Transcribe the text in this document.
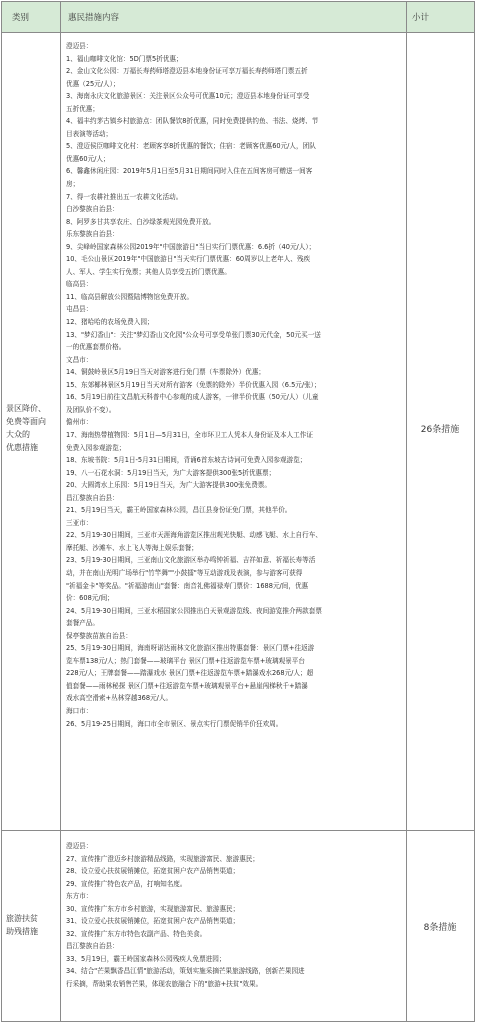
类别	惠民措施内容	小计
景区降价、
免费等面向
大众的
优惠措施
澄迈县：
1、福山咖啡文化馆：5D门票5折优惠；
2、金山文化公园：万福长寿药师塔澄迈县本地身份证可享万福长寿药师塔门票五折
优惠（25元/人）；
3、海南永庆文化旅游景区：关注景区公众号可优惠10元；澄迈县本地身份证可享受
五折优惠；
4、福丰约茅古镇乡村旅游点：团队餐饮8折优惠，同时免费提供钓鱼、书法、烧烤、节
目表演等活动；
5、澄迈侯臣咖啡文化村：老顾客享8折优惠的餐饮；住宿：老顾客优惠60元/人，团队
优惠60元/人；
6、馨鑫休闲庄园：2019年5月1日至5月31日期间同时入住在五间客房可赠送一间客
房；
7、得一农耕社推出五一农耕文化活动。
白沙黎族自治县：
8、阿罗多甘共享农庄、白沙绿茶观光园免费开放。
乐东黎族自治县：
9、尖峰岭国家森林公园2019年"中国旅游日"当日实行门票优惠：6.6折（40元/人）；
10、毛公山景区2019年"中国旅游日"当天实行门票优惠：60周岁以上老年人、残疾
人、军人、学生实行免票；其他人员享受五折门票优惠。
临高县：
11、临高县解放公园暨陆博物馆免费开放。
屯昌县：
12、猪哈哈的农场免费入园；
13、"梦幻香山"：关注"梦幻香山文化园"公众号可享受单张门票30元代金，50元买一送
一的优惠套票价格。
文昌市：
14、铜鼓岭景区5月19日当天对游客进行免门票（车票除外）优惠；
15、东郊椰林景区5月19日当天对所有游客（免票的除外）半价优惠入园（6.5元/张）；
16、5月19日前往文昌航天科普中心参观的成人游客，一律半价优惠（50元/人）（儿童
及团队价不变）。
儋州市：
17、海南热带植物园：5月1日—5月31日，全市环卫工人凭本人身份证及本人工作证
免费入园参观游览；
18、东坡书院：5月1日-5月31日期间，背诵6首东坡古诗词可免费入园参观游览；
19、八一石花水洞：5月19日当天，为广大游客提供300张5折优惠票；
20、大圆湾水上乐园：5月19日当天，为广大游客提供300张免费票。
昌江黎族自治县：
21、5月19日当天，霸王岭国家森林公园，昌江县身份证免门票，其他半价。
三亚市：
22、5月19-30日期间，三亚市天涯海角游览区推出观光快艇、动感飞艇、水上自行车、
摩托艇、沙滩车、水上飞人等海上娱乐套餐；
23、5月19-30日期间，三亚南山文化旅游区举办鸣钟祈福、吉祥如意、祈福长寿等活
动，并在南山光明广场举行"竹竿舞""小鼓擂"等互动游戏及表演，参与游客可获得
"祈福金卡"等奖品。"祈福游南山"套餐：南音礼佛福禄寿门票价：1688元/间，优惠
价：608元/间；
24、5月19-30日期间，三亚水稻国家公园推出白天景观游览线、夜间游览推介两款套票
套餐产品。
保亭黎族苗族自治县：
25、5月19-30日期间，海南呀诺达雨林文化旅游区推出特惠套餐：景区门票+往返游
览车票138元/人；热门套餐——玻璃平台 景区门票+往返游览车票+玻璃观景平台
228元/人；王牌套餐——踏瀑戏水 景区门票+往返游览车票+踏瀑戏水268元/人；超
值套餐——雨林秘探 景区门票+往返游览车票+玻璃观景平台+悬崖闯梯秋千+踏瀑
戏水高空滑索+丛林穿越368元/人。
海口市：
26、5月19-25日期间，海口市全市景区、景点实行门票促销半价狂欢周。
26条措施
旅游扶贫
助残措施
澄迈县：
27、宣传推广澄迈乡村旅游精品线路，实现旅游富民、旅游惠民；
28、设立爱心扶贫展销摊位，拓宽贫困户农产品销售渠道；
29、宣传推广特色农产品，打响知名度。
东方市：
30、宣传推广东方市乡村旅游，实现旅游富民、旅游惠民；
31、设立爱心扶贫展销摊位，拓宽贫困户农产品销售渠道；
32、宣传推广东方市特色农副产品、特色美食。
昌江黎族自治县：
33、5月19日，霸王岭国家森林公园残疾人免票进园；
34、结合"芒果飘香昌江情"旅游活动，策划实施采摘芒果旅游线路，创新芒果园进
行采摘，帮助果农销售芒果，体现农旅融合下的"旅游+扶贫"效果。
8条措施
